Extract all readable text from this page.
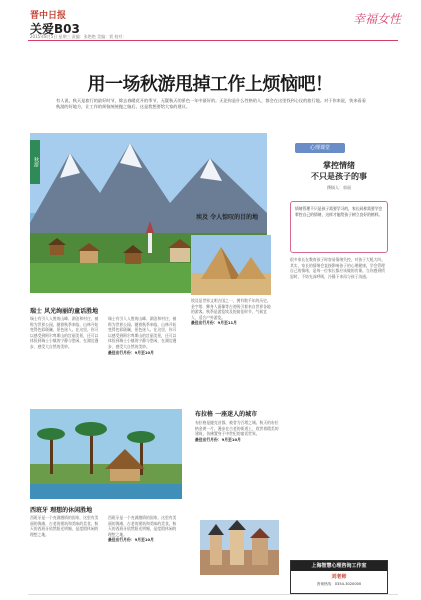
晋中日报
关爱B03
2015年8月5日 星期三 责编：张艳艳 美编：贾 校对：
幸福女性
用一场秋游甩掉工作上烦恼吧！
有人说，秋天是旅行的最好时节，除去春暖花开的季节，无疑秋天的景色一年中最好的。无论你是什么性格的人，都会在这里找到心仪的旅行地。对于你来说，快来看看秋游的好地方，让工作的烦恼统统抛之脑后。这是我想要给大家的建议。
秋游
瑞士 风光绚丽的童话胜地
瑞士有引人入胜的山峰、湖泊和村庄，被称为世界公园。随着秋季来临，山林开始变得色彩斑斓，景色迷人。在这里，你可以感受到阿尔卑斯山的壮丽美景，还可以体验到瑞士小镇的宁静与悠闲，在湖边漫步，感受大自然的美妙。
瑞士有引人入胜的山峰、湖泊和村庄，被称为世界公园。随着秋季来临，山林开始变得色彩斑斓，景色迷人。在这里，你可以感受到阿尔卑斯山的壮丽美景，还可以体验到瑞士小镇的宁静与悠闲，在湖边漫步，感受大自然的美妙。
最佳出行月份：9月至10月
埃及 令人惊叹的目的地
埃及是世界文明古国之一，拥有数千年的历史。金字塔、狮身人面像等古迹吸引着来自世界各地的游客。秋季是游览埃及的最佳时节，气候宜人，适合户外游览。
最佳出行月份：9月至11月
西班牙 理想的休闲胜地
西班牙是一个充满激情的国家，这里有美丽的海滩、古老的建筑和美味的美食。秋天的西班牙依然阳光明媚，是度假休闲的理想之地。
西班牙是一个充满激情的国家，这里有美丽的海滩、古老的建筑和美味的美食。秋天的西班牙依然阳光明媚，是度假休闲的理想之地。
最佳出行月份：9月至10月
布拉格 一座迷人的城市
布拉格是捷克首都，被誉为百塔之城。秋天的布拉格金黄一片，漫步在古老的街道上，欣赏着精美的建筑，仿佛置身于中世纪的童话世界。
最佳出行月份：9月至10月
心理课堂
掌控情绪
不只是孩子的事
撰稿人：郭丽
情绪管理不只是孩子需要学习的，家长同样需要学会掌控自己的情绪，这样才能给孩子树立良好的榜样。
很多家长在教育孩子时容易情绪失控，对孩子大吼大叫。其实，家长的情绪会直接影响孩子的心理健康。学会管理自己的情绪，是每一位家长都应该做的功课。当你感到愤怒时，不妨先深呼吸，冷静下来再与孩子沟通。
上海智慧心理咨询工作室
刘老师
咨询热线：0354-3020000
